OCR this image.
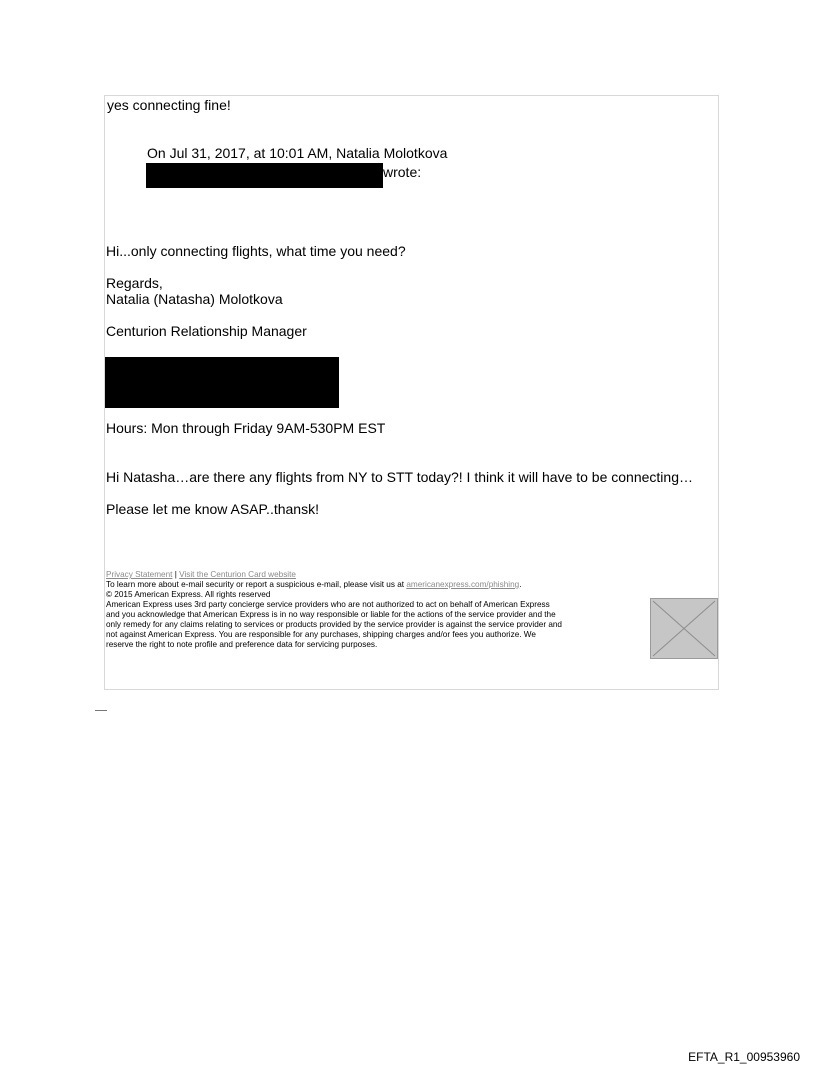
yes connecting fine!
On Jul 31, 2017, at 10:01 AM, Natalia Molotkova
wrote:
Hi...only connecting flights, what time you need?
Regards,
Natalia (Natasha) Molotkova
Centurion Relationship Manager
Hours: Mon through Friday 9AM-530PM EST
Hi Natasha…are there any flights from NY to STT today?! I think it will have to be connecting…
Please let me know ASAP..thansk!
Privacy Statement | Visit the Centurion Card website
To learn more about e-mail security or report a suspicious e-mail, please visit us at americanexpress.com/phishing.
© 2015 American Express. All rights reserved
American Express uses 3rd party concierge service providers who are not authorized to act on behalf of American Express
and you acknowledge that American Express is in no way responsible or liable for the actions of the service provider and the
only remedy for any claims relating to services or products provided by the service provider is against the service provider and
not against American Express. You are responsible for any purchases, shipping charges and/or fees you authorize. We
reserve the right to note profile and preference data for servicing purposes.
EFTA_R1_00953960
